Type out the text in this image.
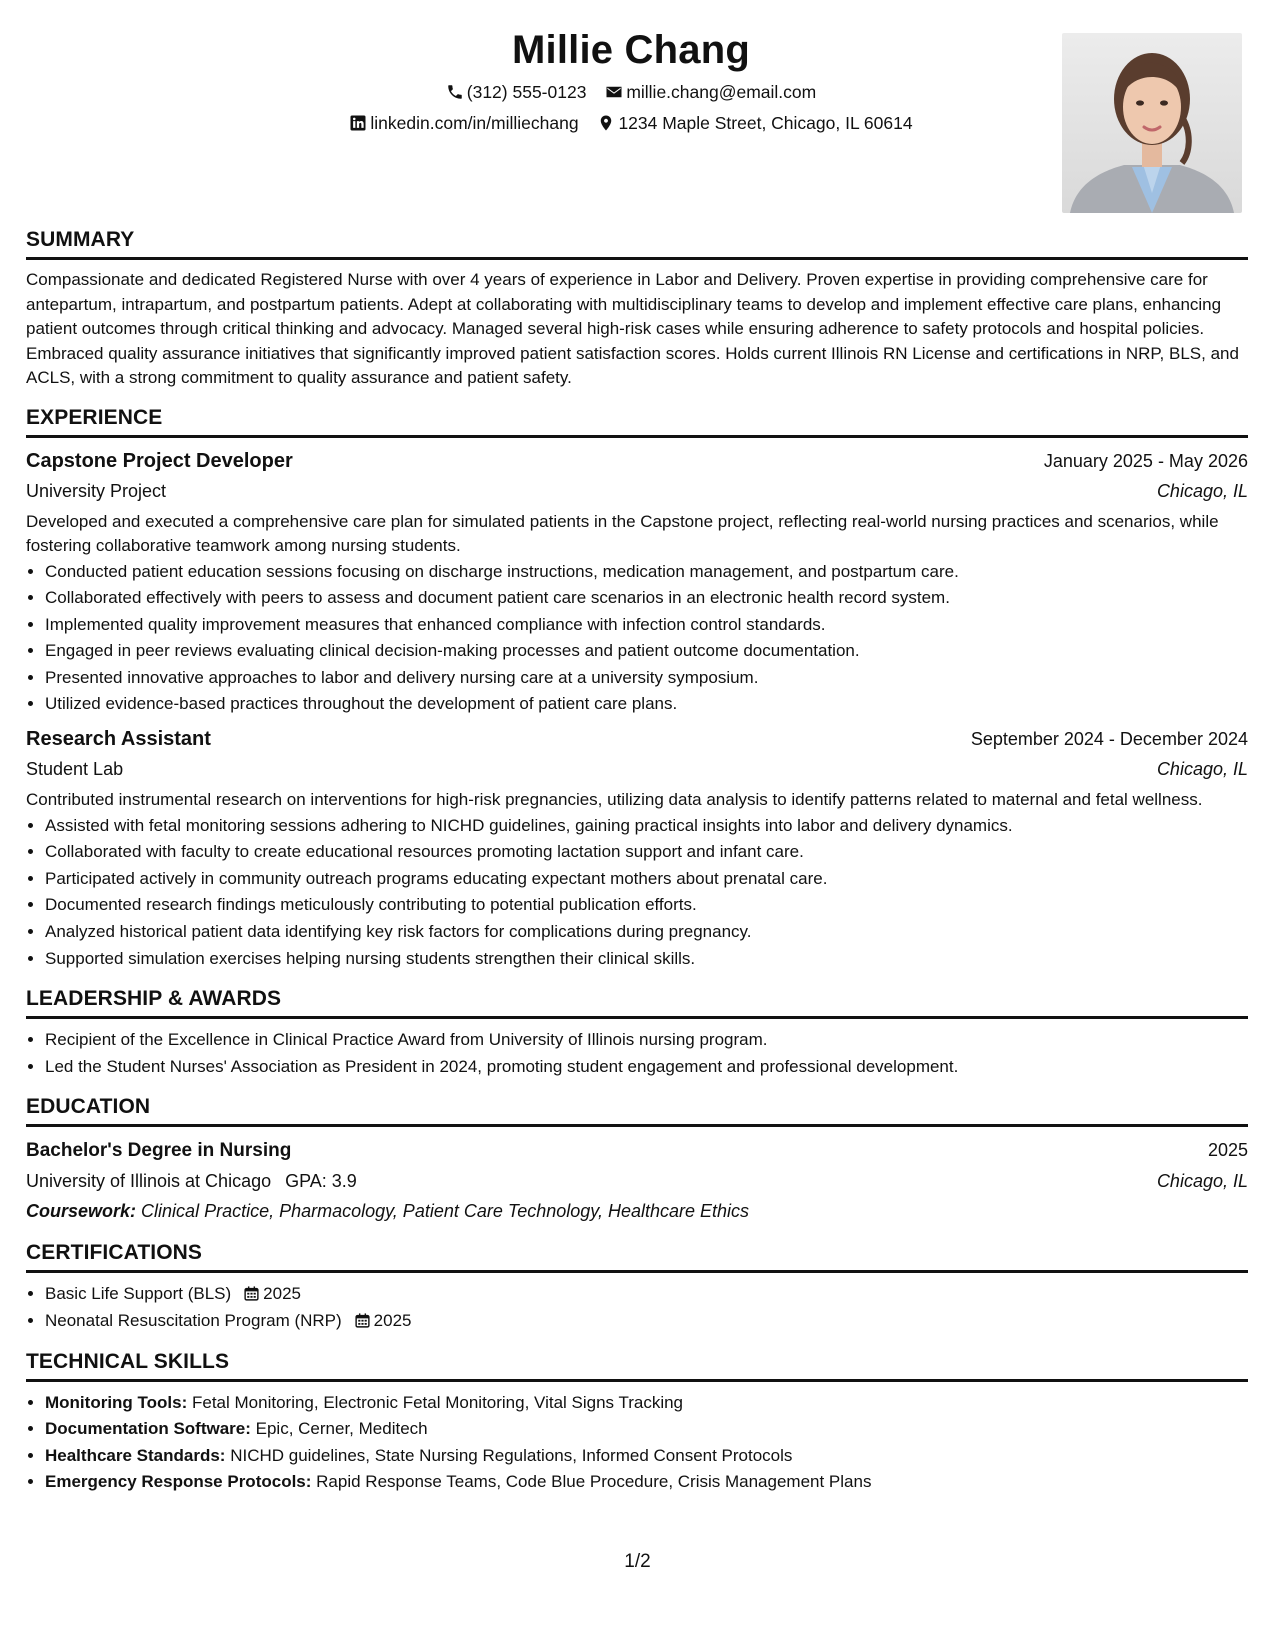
Millie Chang
(312) 555-0123 millie.chang@email.com
linkedin.com/in/milliechang 1234 Maple Street, Chicago, IL 60614
SUMMARY

Compassionate and dedicated Registered Nurse with over 4 years of experience in Labor and Delivery. Proven expertise in providing comprehensive care for antepartum, intrapartum, and postpartum patients. Adept at collaborating with multidisciplinary teams to develop and implement effective care plans, enhancing patient outcomes through critical thinking and advocacy. Managed several high-risk cases while ensuring adherence to safety protocols and hospital policies. Embraced quality assurance initiatives that significantly improved patient satisfaction scores. Holds current Illinois RN License and certifications in NRP, BLS, and ACLS, with a strong commitment to quality assurance and patient safety.

EXPERIENCE
Capstone Project Developer	January 2025 - May 2026
University Project	Chicago, IL
Developed and executed a comprehensive care plan for simulated patients in the Capstone project, reflecting real-world nursing practices and scenarios, while fostering collaborative teamwork among nursing students.
• Conducted patient education sessions focusing on discharge instructions, medication management, and postpartum care.
• Collaborated effectively with peers to assess and document patient care scenarios in an electronic health record system.
• Implemented quality improvement measures that enhanced compliance with infection control standards.
• Engaged in peer reviews evaluating clinical decision-making processes and patient outcome documentation.
• Presented innovative approaches to labor and delivery nursing care at a university symposium.
• Utilized evidence-based practices throughout the development of patient care plans.
Research Assistant	September 2024 - December 2024
Student Lab	Chicago, IL
Contributed instrumental research on interventions for high-risk pregnancies, utilizing data analysis to identify patterns related to maternal and fetal wellness.
• Assisted with fetal monitoring sessions adhering to NICHD guidelines, gaining practical insights into labor and delivery dynamics.
• Collaborated with faculty to create educational resources promoting lactation support and infant care.
• Participated actively in community outreach programs educating expectant mothers about prenatal care.
• Documented research findings meticulously contributing to potential publication efforts.
• Analyzed historical patient data identifying key risk factors for complications during pregnancy.
• Supported simulation exercises helping nursing students strengthen their clinical skills.
LEADERSHIP & AWARDS
• Recipient of the Excellence in Clinical Practice Award from University of Illinois nursing program.
• Led the Student Nurses' Association as President in 2024, promoting student engagement and professional development.
EDUCATION
Bachelor's Degree in Nursing	2025
University of Illinois at Chicago GPA: 3.9	Chicago, IL
Coursework: Clinical Practice, Pharmacology, Patient Care Technology, Healthcare Ethics
CERTIFICATIONS
• Basic Life Support (BLS) 2025
• Neonatal Resuscitation Program (NRP) 2025
TECHNICAL SKILLS
• Monitoring Tools: Fetal Monitoring, Electronic Fetal Monitoring, Vital Signs Tracking
• Documentation Software: Epic, Cerner, Meditech
• Healthcare Standards: NICHD guidelines, State Nursing Regulations, Informed Consent Protocols
• Emergency Response Protocols: Rapid Response Teams, Code Blue Procedure, Crisis Management Plans
1/2
